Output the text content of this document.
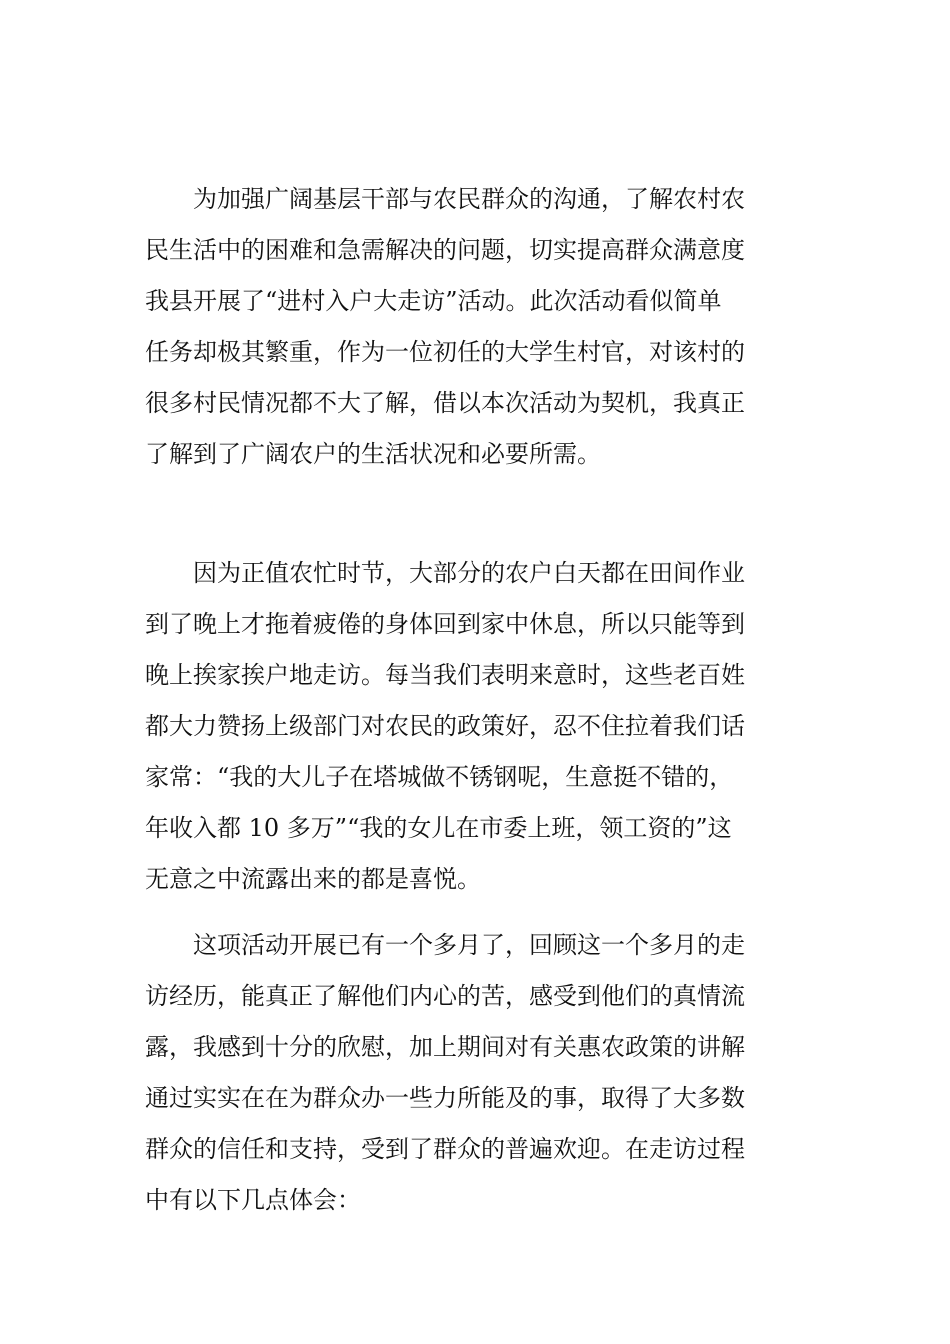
　　为加强广阔基层干部与农民群众的沟通，了解农村农
民生活中的困难和急需解决的问题，切实提高群众满意度
我县开展了“进村入户大走访”活动。此次活动看似简单
任务却极其繁重，作为一位初任的大学生村官，对该村的
很多村民情况都不大了解，借以本次活动为契机，我真正
了解到了广阔农户的生活状况和必要所需。

　　因为正值农忙时节，大部分的农户白天都在田间作业
到了晚上才拖着疲倦的身体回到家中休息，所以只能等到
晚上挨家挨户地走访。每当我们表明来意时，这些老百姓
都大力赞扬上级部门对农民的政策好，忍不住拉着我们话
家常：“我的大儿子在塔城做不锈钢呢，生意挺不错的，
年收入都 10 多万”“我的女儿在市委上班，领工资的”这
无意之中流露出来的都是喜悦。

　　这项活动开展已有一个多月了，回顾这一个多月的走
访经历，能真正了解他们内心的苦，感受到他们的真情流
露，我感到十分的欣慰，加上期间对有关惠农政策的讲解
通过实实在在为群众办一些力所能及的事，取得了大多数
群众的信任和支持，受到了群众的普遍欢迎。在走访过程
中有以下几点体会：
